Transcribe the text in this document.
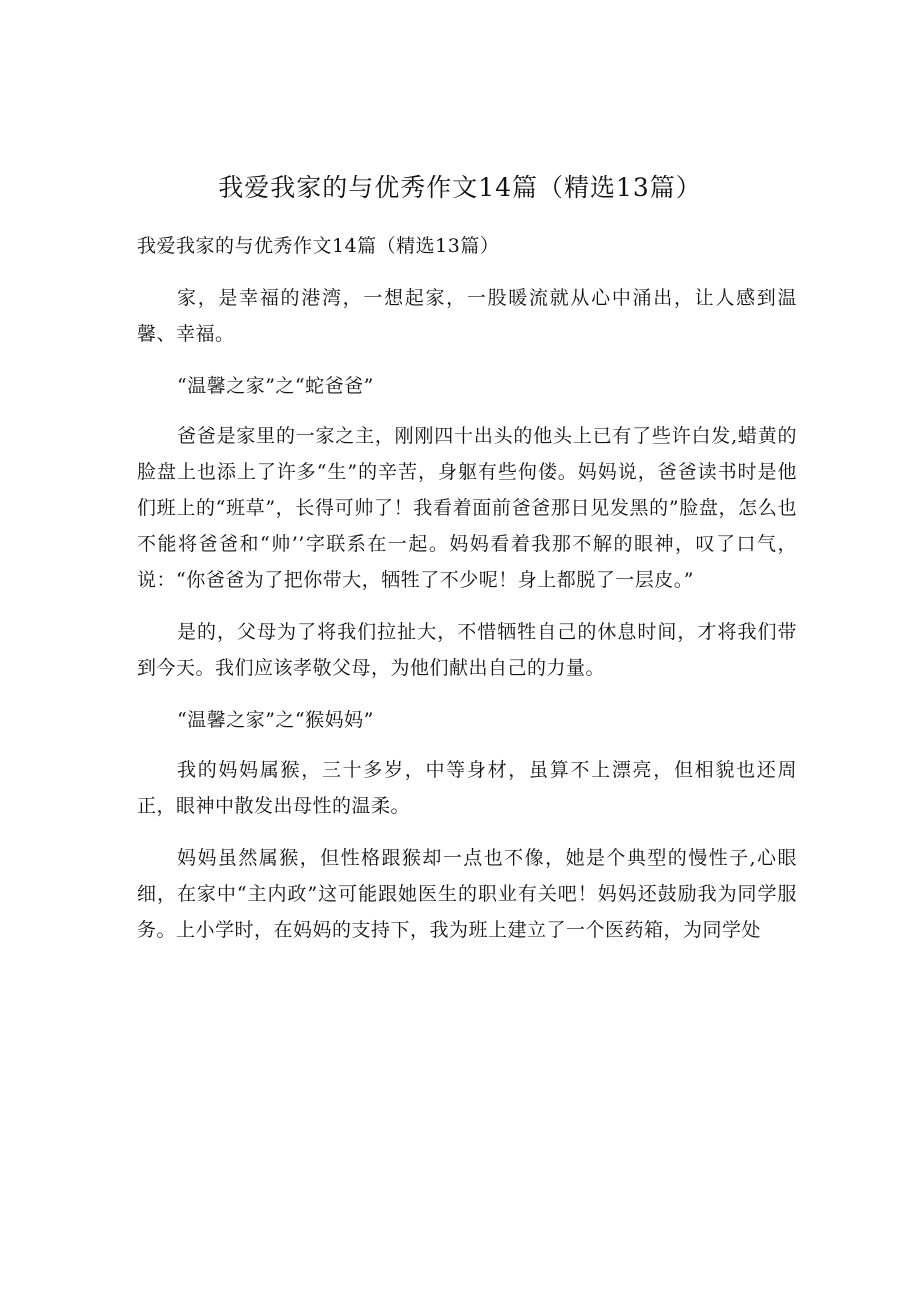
我爱我家的与优秀作文14篇（精选13篇）

我爱我家的与优秀作文14篇（精选13篇）

家，是幸福的港湾，一想起家，一股暖流就从心中涌出，让人感到温馨、幸福。

“温馨之家”之“蛇爸爸”

爸爸是家里的一家之主，刚刚四十出头的他头上已有了些许白发,蜡黄的脸盘上也添上了许多“生”的辛苦，身躯有些佝偻。妈妈说，爸爸读书时是他们班上的“班草”，长得可帅了！我看着面前爸爸那日见发黑的”脸盘，怎么也不能将爸爸和“帅’’字联系在一起。妈妈看着我那不解的眼神，叹了口气，说：“你爸爸为了把你带大，牺牲了不少呢！身上都脱了一层皮。”

是的，父母为了将我们拉扯大，不惜牺牲自己的休息时间，才将我们带到今天。我们应该孝敬父母，为他们献出自己的力量。

“温馨之家”之“猴妈妈”

我的妈妈属猴，三十多岁，中等身材，虽算不上漂亮，但相貌也还周正，眼神中散发出母性的温柔。

妈妈虽然属猴，但性格跟猴却一点也不像，她是个典型的慢性子,心眼细，在家中“主内政”这可能跟她医生的职业有关吧！妈妈还鼓励我为同学服务。上小学时，在妈妈的支持下，我为班上建立了一个医药箱，为同学处
